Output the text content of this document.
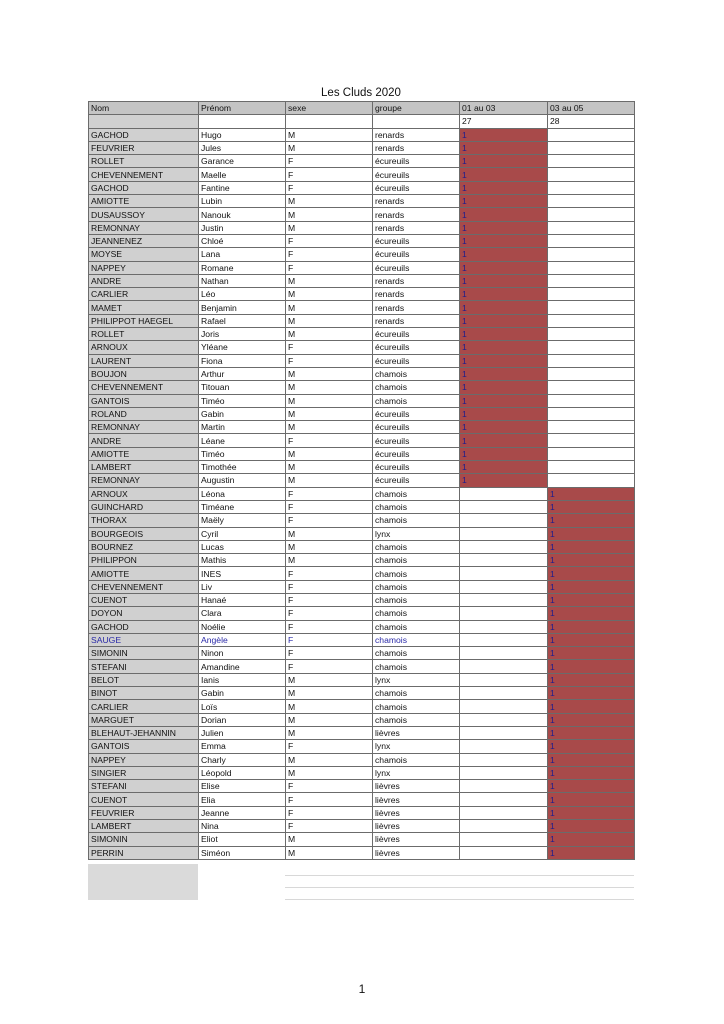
Les Cluds 2020
Nom	Prénom	sexe	groupe	01 au 03	03 au 05
				27	28
GACHOD	Hugo	M	renards	1	
FEUVRIER	Jules	M	renards	1	
ROLLET	Garance	F	écureuils	1	
CHEVENNEMENT	Maelle	F	écureuils	1	
GACHOD	Fantine	F	écureuils	1	
AMIOTTE	Lubin	M	renards	1	
DUSAUSSOY	Nanouk	M	renards	1	
REMONNAY	Justin	M	renards	1	
JEANNENEZ	Chloé	F	écureuils	1	
MOYSE	Lana	F	écureuils	1	
NAPPEY	Romane	F	écureuils	1	
ANDRE	Nathan	M	renards	1	
CARLIER	Léo	M	renards	1	
MAMET	Benjamin	M	renards	1	
PHILIPPOT HAEGEL	Rafael	M	renards	1	
ROLLET	Joris	M	écureuils	1	
ARNOUX	Yléane	F	écureuils	1	
LAURENT	Fiona	F	écureuils	1	
BOUJON	Arthur	M	chamois	1	
CHEVENNEMENT	Titouan	M	chamois	1	
GANTOIS	Timéo	M	chamois	1	
ROLAND	Gabin	M	écureuils	1	
REMONNAY	Martin	M	écureuils	1	
ANDRE	Léane	F	écureuils	1	
AMIOTTE	Timéo	M	écureuils	1	
LAMBERT	Timothée	M	écureuils	1	
REMONNAY	Augustin	M	écureuils	1	
ARNOUX	Léona	F	chamois		1
GUINCHARD	Timéane	F	chamois		1
THORAX	Maëly	F	chamois		1
BOURGEOIS	Cyril	M	lynx		1
BOURNEZ	Lucas	M	chamois		1
PHILIPPON	Mathis	M	chamois		1
AMIOTTE	INES	F	chamois		1
CHEVENNEMENT	Liv	F	chamois		1
CUENOT	Hanaé	F	chamois		1
DOYON	Clara	F	chamois		1
GACHOD	Noélie	F	chamois		1
SAUGE	Angèle	F	chamois		1
SIMONIN	Ninon	F	chamois		1
STEFANI	Amandine	F	chamois		1
BELOT	Ianis	M	lynx		1
BINOT	Gabin	M	chamois		1
CARLIER	Loïs	M	chamois		1
MARGUET	Dorian	M	chamois		1
BLEHAUT-JEHANNIN	Julien	M	lièvres		1
GANTOIS	Emma	F	lynx		1
NAPPEY	Charly	M	chamois		1
SINGIER	Léopold	M	lynx		1
STEFANI	Elise	F	lièvres		1
CUENOT	Elia	F	lièvres		1
FEUVRIER	Jeanne	F	lièvres		1
LAMBERT	Nina	F	lièvres		1
SIMONIN	Eliot	M	lièvres		1
PERRIN	Siméon	M	lièvres		1

1
